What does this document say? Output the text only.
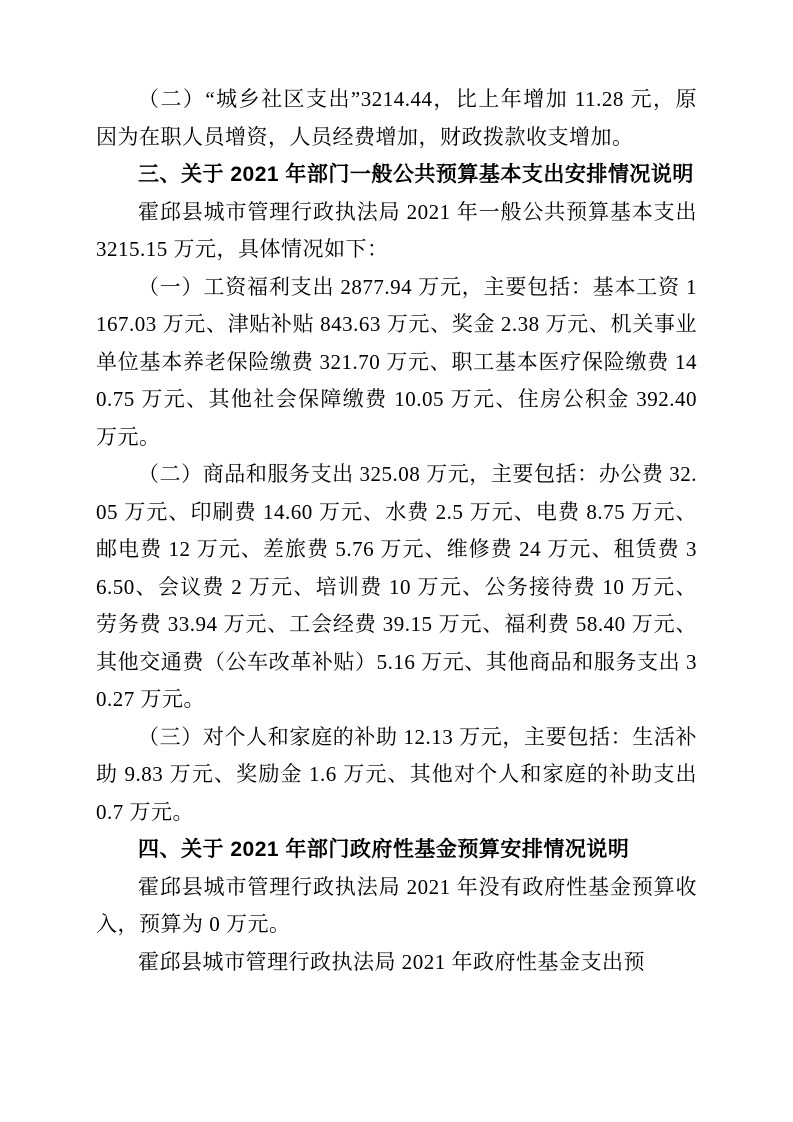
（二）“城乡社区支出”3214.44，比上年增加 11.28 元，原因为在职人员增资，人员经费增加，财政拨款收支增加。

三、关于 2021 年部门一般公共预算基本支出安排情况说明

霍邱县城市管理行政执法局 2021 年一般公共预算基本支出 3215.15 万元，具体情况如下：

（一）工资福利支出 2877.94 万元，主要包括：基本工资 1167.03 万元、津贴补贴 843.63 万元、奖金 2.38 万元、机关事业单位基本养老保险缴费 321.70 万元、职工基本医疗保险缴费 140.75 万元、其他社会保障缴费 10.05 万元、住房公积金 392.40 万元。

（二）商品和服务支出 325.08 万元，主要包括：办公费 32.05 万元、印刷费 14.60 万元、水费 2.5 万元、电费 8.75 万元、邮电费 12 万元、差旅费 5.76 万元、维修费 24 万元、租赁费 36.50、会议费 2 万元、培训费 10 万元、公务接待费 10 万元、劳务费 33.94 万元、工会经费 39.15 万元、福利费 58.40 万元、其他交通费（公车改革补贴）5.16 万元、其他商品和服务支出 30.27 万元。

（三）对个人和家庭的补助 12.13 万元，主要包括：生活补助 9.83 万元、奖励金 1.6 万元、其他对个人和家庭的补助支出 0.7 万元。

四、关于 2021 年部门政府性基金预算安排情况说明

霍邱县城市管理行政执法局 2021 年没有政府性基金预算收入，预算为 0 万元。

霍邱县城市管理行政执法局 2021 年政府性基金支出预
